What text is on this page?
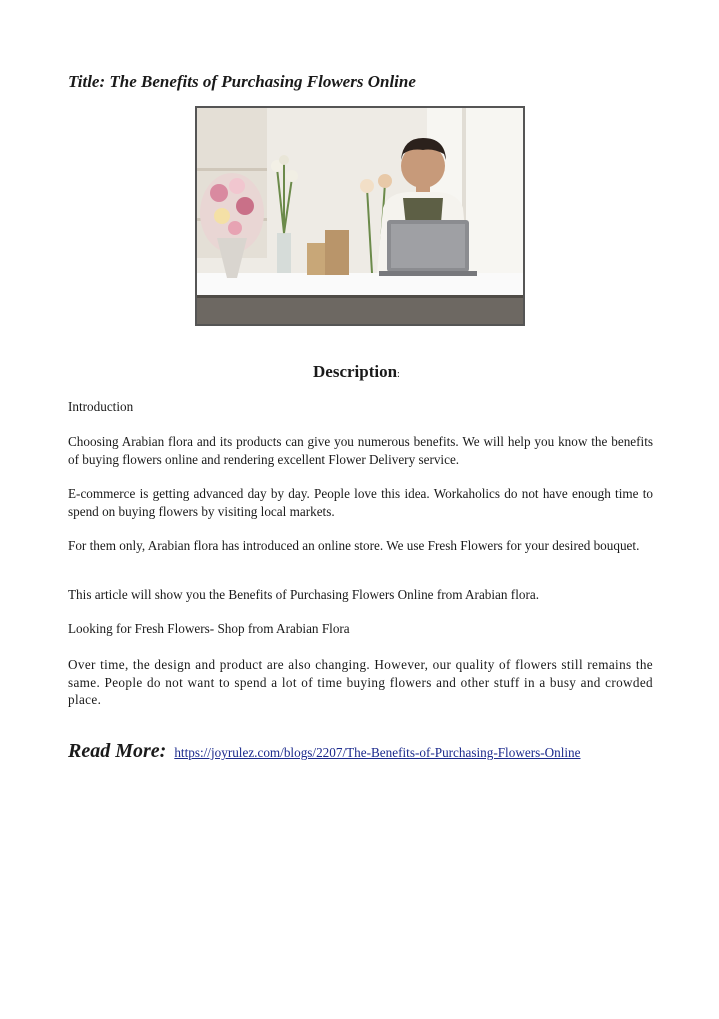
Title: The Benefits of Purchasing Flowers Online
Description:

Introduction

Choosing Arabian flora and its products can give you numerous benefits. We will help you know the benefits of buying flowers online and rendering excellent Flower Delivery service.

E-commerce is getting advanced day by day. People love this idea. Workaholics do not have enough time to spend on buying flowers by visiting local markets.

For them only, Arabian flora has introduced an online store. We use Fresh Flowers for your desired bouquet.

This article will show you the Benefits of Purchasing Flowers Online from Arabian flora.

Looking for Fresh Flowers- Shop from Arabian Flora

Over time, the design and product are also changing. However, our quality of flowers still remains the same. People do not want to spend a lot of time buying flowers and other stuff in a busy and crowded place.

Read More: https://joyrulez.com/blogs/2207/The-Benefits-of-Purchasing-Flowers-Online
